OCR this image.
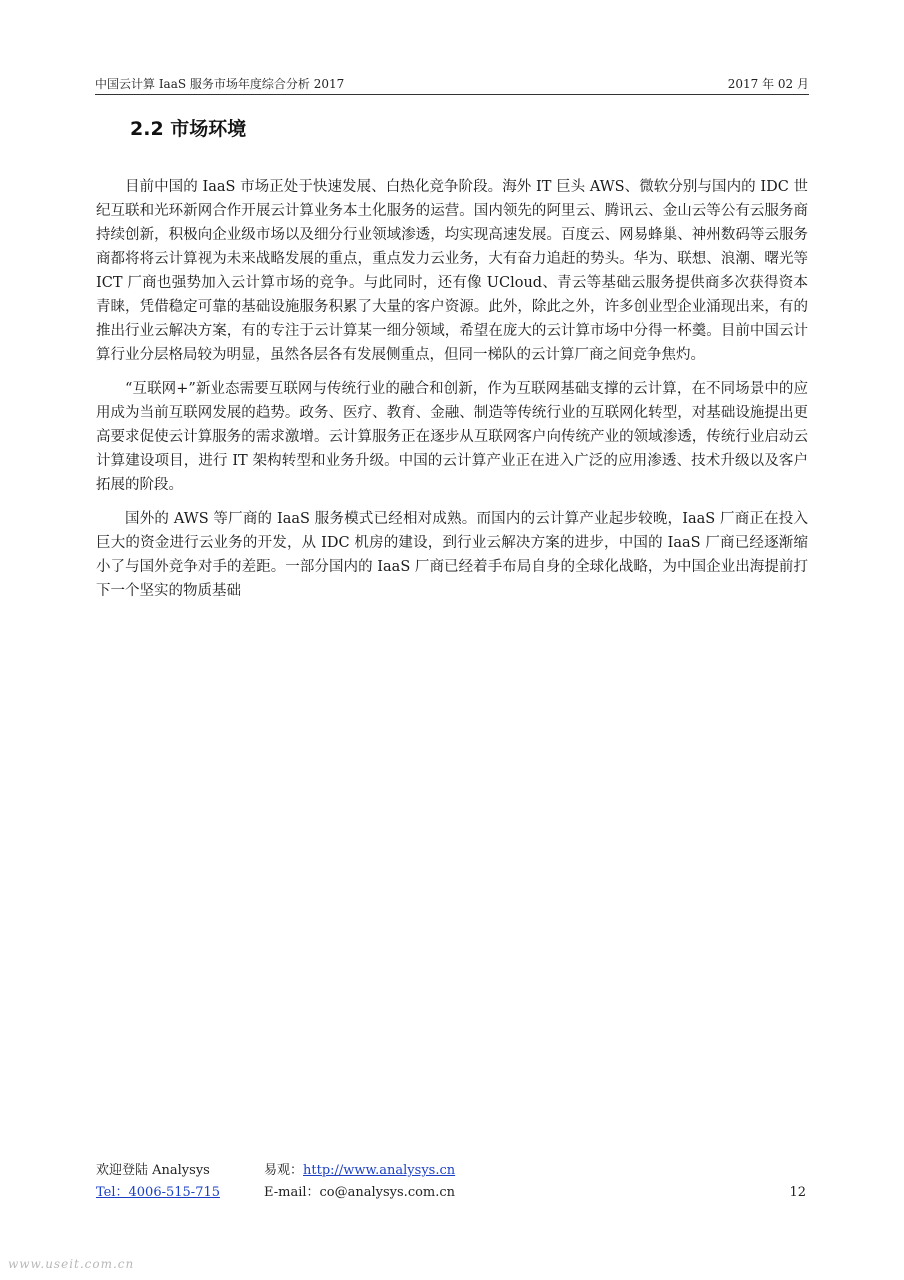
中国云计算 IaaS 服务市场年度综合分析 2017	2017 年 02 月
2.2 市场环境

目前中国的 IaaS 市场正处于快速发展、白热化竞争阶段。海外 IT 巨头 AWS、微软分别与国内的 IDC 世纪互联和光环新网合作开展云计算业务本土化服务的运营。国内领先的阿里云、腾讯云、金山云等公有云服务商持续创新，积极向企业级市场以及细分行业领域渗透，均实现高速发展。百度云、网易蜂巢、神州数码等云服务商都将将云计算视为未来战略发展的重点，重点发力云业务，大有奋力追赶的势头。华为、联想、浪潮、曙光等 ICT 厂商也强势加入云计算市场的竞争。与此同时，还有像 UCloud、青云等基础云服务提供商多次获得资本青睐，凭借稳定可靠的基础设施服务积累了大量的客户资源。此外，除此之外，许多创业型企业涌现出来，有的推出行业云解决方案，有的专注于云计算某一细分领域，希望在庞大的云计算市场中分得一杯羹。目前中国云计算行业分层格局较为明显，虽然各层各有发展侧重点，但同一梯队的云计算厂商之间竞争焦灼。

“互联网+”新业态需要互联网与传统行业的融合和创新，作为互联网基础支撑的云计算，在不同场景中的应用成为当前互联网发展的趋势。政务、医疗、教育、金融、制造等传统行业的互联网化转型，对基础设施提出更高要求促使云计算服务的需求激增。云计算服务正在逐步从互联网客户向传统产业的领域渗透，传统行业启动云计算建设项目，进行 IT 架构转型和业务升级。中国的云计算产业正在进入广泛的应用渗透、技术升级以及客户拓展的阶段。

国外的 AWS 等厂商的 IaaS 服务模式已经相对成熟。而国内的云计算产业起步较晚，IaaS 厂商正在投入巨大的资金进行云业务的开发，从 IDC 机房的建设，到行业云解决方案的进步，中国的 IaaS 厂商已经逐渐缩小了与国外竞争对手的差距。一部分国内的 IaaS 厂商已经着手布局自身的全球化战略，为中国企业出海提前打下一个坚实的物质基础

欢迎登陆 Analysys	易观：http://www.analysys.cn
Tel：4006-515-715	E-mail：co@analysys.com.cn	12
www.useit.com.cn
